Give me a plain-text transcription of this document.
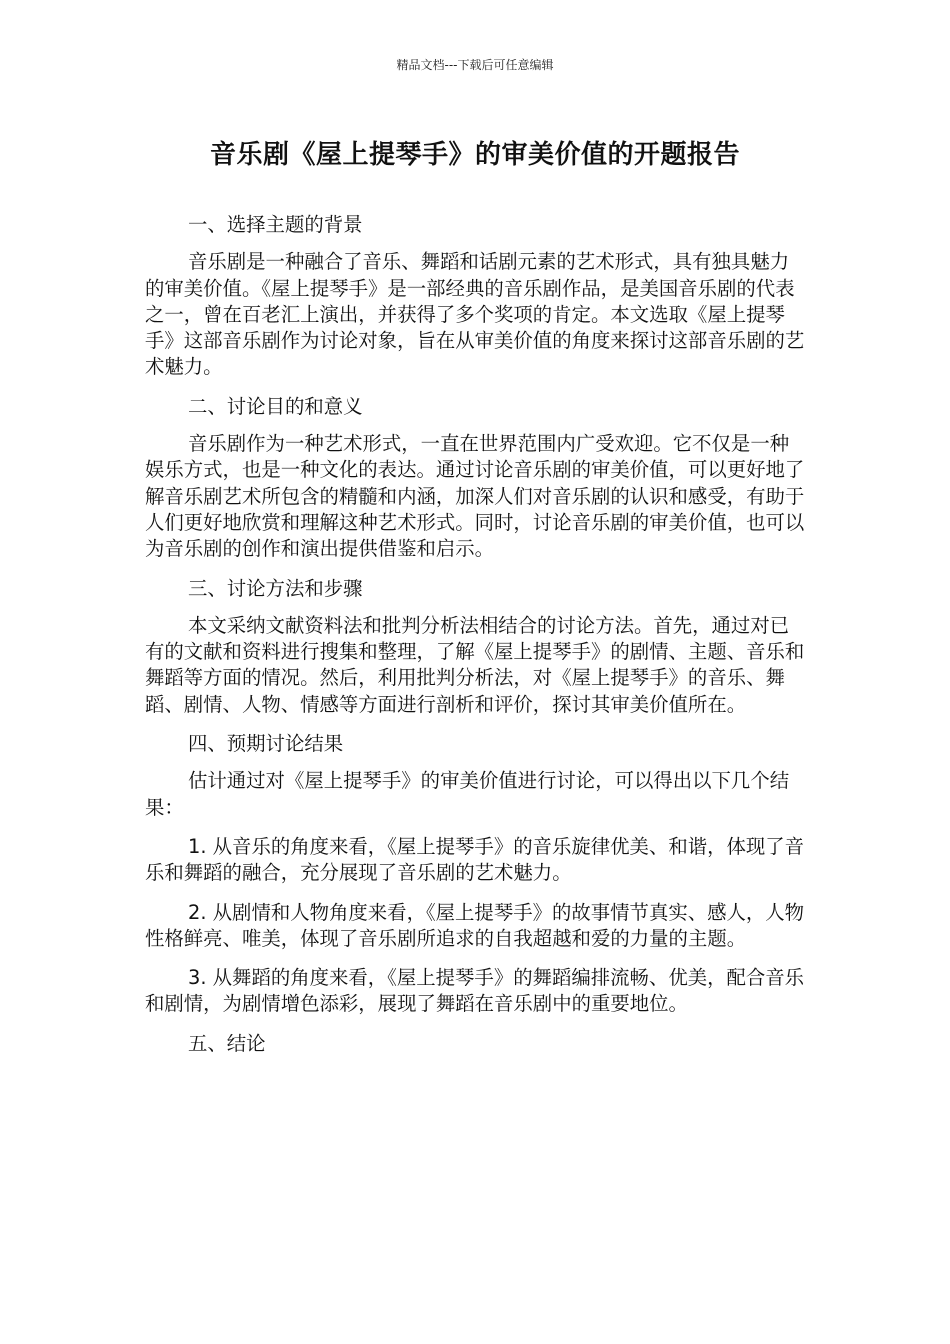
精品文档---下载后可任意编辑
音乐剧《屋上提琴手》的审美价值的开题报告
一、选择主题的背景
音乐剧是一种融合了音乐、舞蹈和话剧元素的艺术形式，具有独具魅力的审美价值。《屋上提琴手》是一部经典的音乐剧作品，是美国音乐剧的代表之一，曾在百老汇上演出，并获得了多个奖项的肯定。本文选取《屋上提琴手》这部音乐剧作为讨论对象，旨在从审美价值的角度来探讨这部音乐剧的艺术魅力。
二、讨论目的和意义
音乐剧作为一种艺术形式，一直在世界范围内广受欢迎。它不仅是一种娱乐方式，也是一种文化的表达。通过讨论音乐剧的审美价值，可以更好地了解音乐剧艺术所包含的精髓和内涵，加深人们对音乐剧的认识和感受，有助于人们更好地欣赏和理解这种艺术形式。同时，讨论音乐剧的审美价值，也可以为音乐剧的创作和演出提供借鉴和启示。
三、讨论方法和步骤
本文采纳文献资料法和批判分析法相结合的讨论方法。首先，通过对已有的文献和资料进行搜集和整理，了解《屋上提琴手》的剧情、主题、音乐和舞蹈等方面的情况。然后，利用批判分析法，对《屋上提琴手》的音乐、舞蹈、剧情、人物、情感等方面进行剖析和评价，探讨其审美价值所在。
四、预期讨论结果
估计通过对《屋上提琴手》的审美价值进行讨论，可以得出以下几个结果：
1. 从音乐的角度来看，《屋上提琴手》的音乐旋律优美、和谐，体现了音乐和舞蹈的融合，充分展现了音乐剧的艺术魅力。
2. 从剧情和人物角度来看，《屋上提琴手》的故事情节真实、感人，人物性格鲜亮、唯美，体现了音乐剧所追求的自我超越和爱的力量的主题。
3. 从舞蹈的角度来看，《屋上提琴手》的舞蹈编排流畅、优美，配合音乐和剧情，为剧情增色添彩，展现了舞蹈在音乐剧中的重要地位。
五、结论
